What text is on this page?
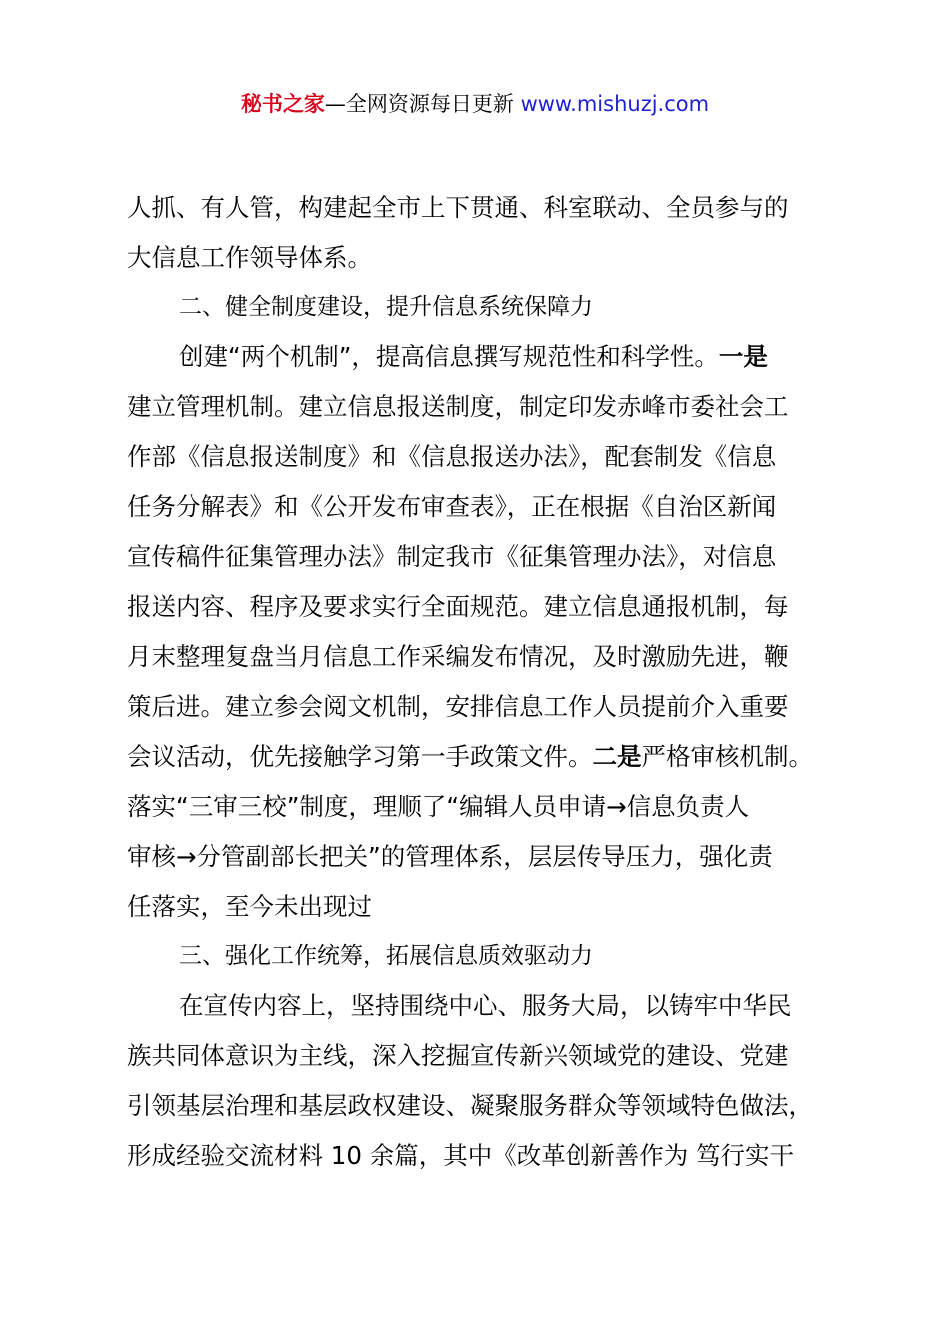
秘书之家—全网资源每日更新 www.mishuzj.com
人抓、有人管，构建起全市上下贯通、科室联动、全员参与的
大信息工作领导体系。
二、健全制度建设，提升信息系统保障力
创建“两个机制”，提高信息撰写规范性和科学性。一是
建立管理机制。建立信息报送制度，制定印发赤峰市委社会工
作部《信息报送制度》和《信息报送办法》，配套制发《信息
任务分解表》和《公开发布审查表》，正在根据《自治区新闻
宣传稿件征集管理办法》制定我市《征集管理办法》，对信息
报送内容、程序及要求实行全面规范。建立信息通报机制，每
月末整理复盘当月信息工作采编发布情况，及时激励先进，鞭
策后进。建立参会阅文机制，安排信息工作人员提前介入重要
会议活动，优先接触学习第一手政策文件。二是严格审核机制。
落实“三审三校”制度，理顺了“编辑人员申请→信息负责人
审核→分管副部长把关”的管理体系，层层传导压力，强化责
任落实，至今未出现过
三、强化工作统筹，拓展信息质效驱动力
在宣传内容上，坚持围绕中心、服务大局，以铸牢中华民
族共同体意识为主线，深入挖掘宣传新兴领域党的建设、党建
引领基层治理和基层政权建设、凝聚服务群众等领域特色做法，
形成经验交流材料 10 余篇，其中《改革创新善作为 笃行实干
